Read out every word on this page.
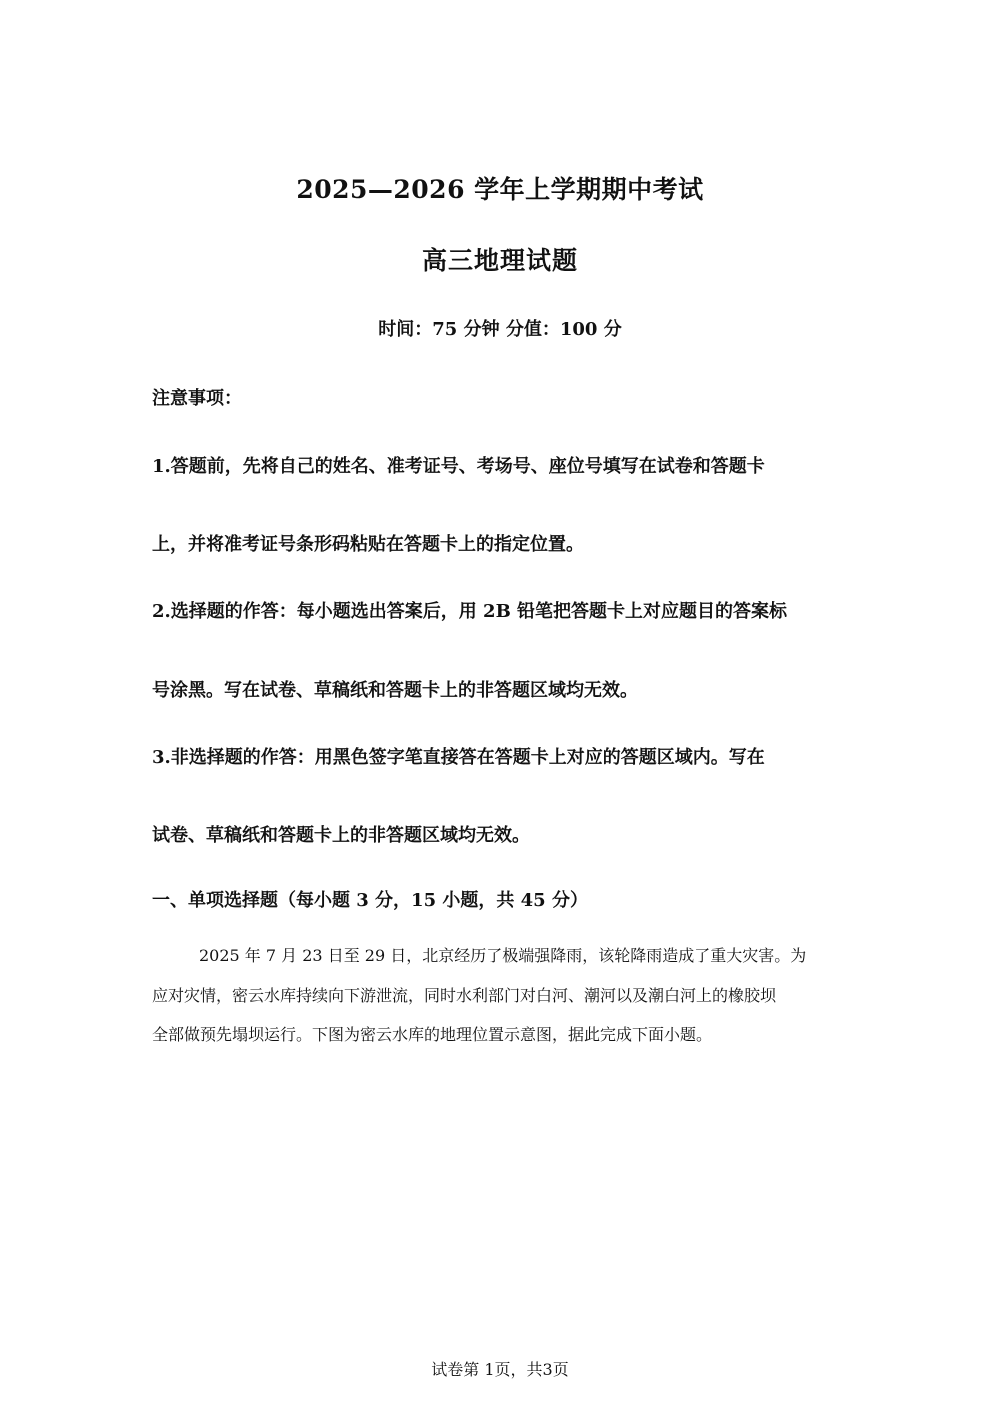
2025—2026 学年上学期期中考试
高三地理试题

时间：75 分钟 分值：100 分

注意事项：

1.答题前，先将自己的姓名、准考证号、考场号、座位号填写在试卷和答题卡

上，并将准考证号条形码粘贴在答题卡上的指定位置。

2.选择题的作答：每小题选出答案后，用 2B 铅笔把答题卡上对应题目的答案标

号涂黑。写在试卷、草稿纸和答题卡上的非答题区域均无效。

3.非选择题的作答：用黑色签字笔直接答在答题卡上对应的答题区域内。写在

试卷、草稿纸和答题卡上的非答题区域均无效。

一、单项选择题（每小题 3 分，15 小题，共 45 分）

2025 年 7 月 23 日至 29 日，北京经历了极端强降雨，该轮降雨造成了重大灾害。为

应对灾情，密云水库持续向下游泄流，同时水利部门对白河、潮河以及潮白河上的橡胶坝

全部做预先塌坝运行。下图为密云水库的地理位置示意图，据此完成下面小题。

试卷第 1页，共3页
